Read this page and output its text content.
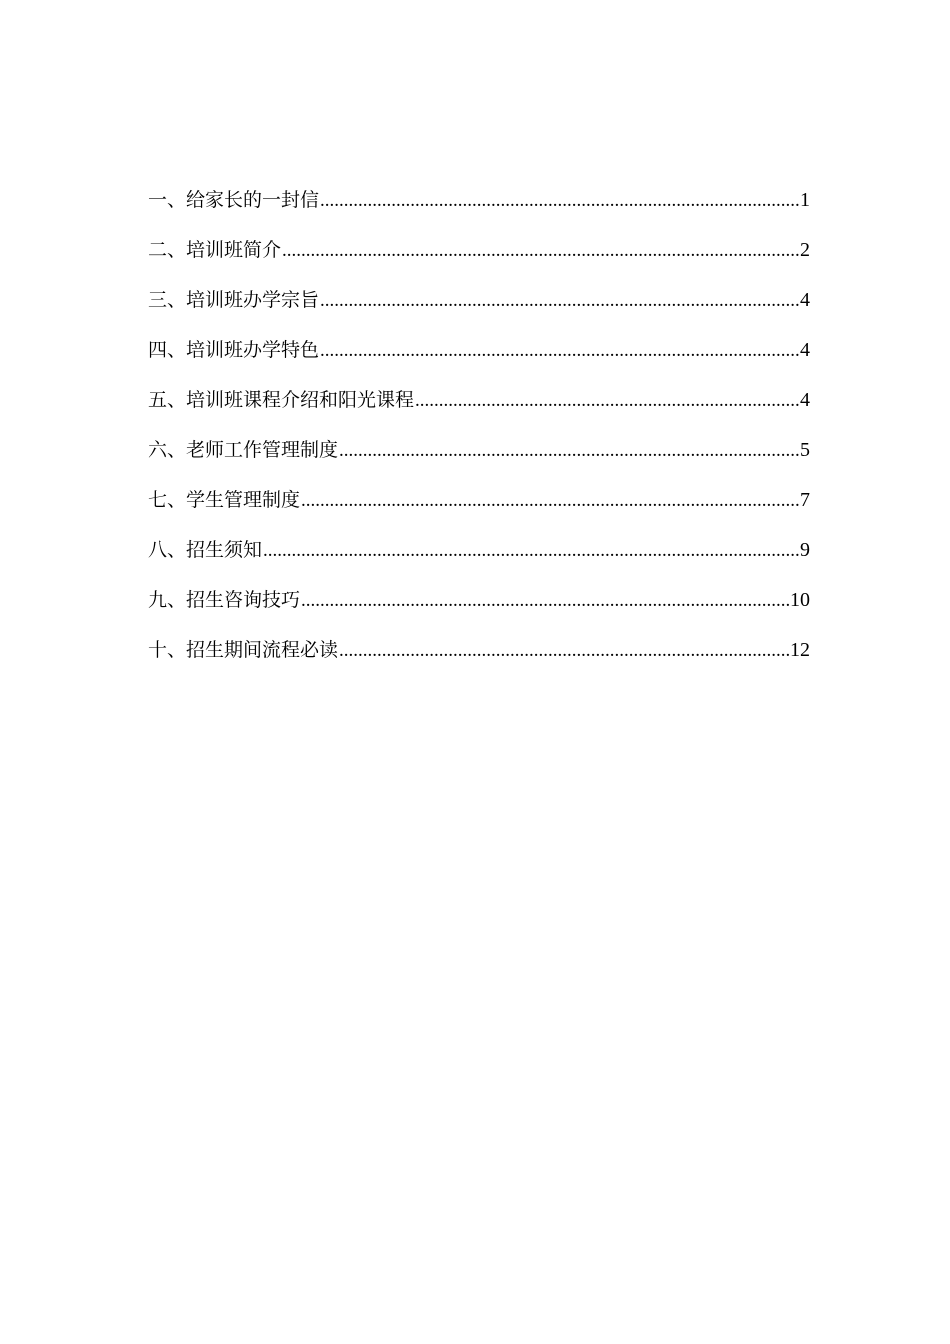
一、给家长的一封信 .....	1
二、培训班简介 .....	2
三、培训班办学宗旨 .....	4
四、培训班办学特色 .....	4
五、培训班课程介绍和阳光课程 .....	4
六、老师工作管理制度 .....	5
七、学生管理制度 .....	7
八、招生须知 .....	9
九、招生咨询技巧 .....	10
十、招生期间流程必读 .....	12
